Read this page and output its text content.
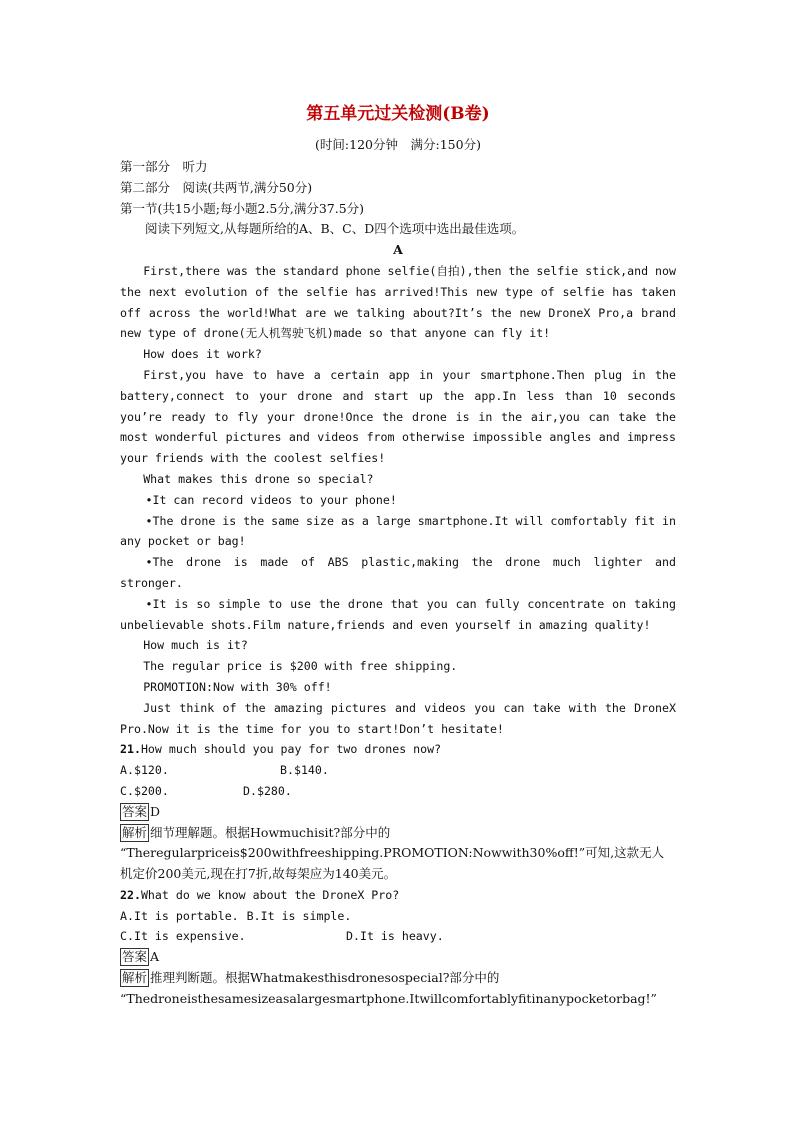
第五单元过关检测(B卷)
(时间:120分钟　满分:150分)
第一部分　听力
第二部分　阅读(共两节,满分50分)
第一节(共15小题;每小题2.5分,满分37.5分)
阅读下列短文,从每题所给的A、B、C、D四个选项中选出最佳选项。
A
First,there was the standard phone selfie(自拍),then the selfie stick,and now the next evolution of the selfie has arrived!This new type of selfie has taken off across the world!What are we talking about?It’s the new DroneX Pro,a brand new type of drone(无人机驾驶飞机)made so that anyone can fly it!
How does it work?
First,you have to have a certain app in your smartphone.Then plug in the battery,connect to your drone and start up the app.In less than 10 seconds you’re ready to fly your drone!Once the drone is in the air,you can take the most wonderful pictures and videos from otherwise impossible angles and impress your friends with the coolest selfies!
What makes this drone so special?
•It can record videos to your phone!
•The drone is the same size as a large smartphone.It will comfortably fit in any pocket or bag!
•The drone is made of ABS plastic,making the drone much lighter and stronger.
•It is so simple to use the drone that you can fully concentrate on taking unbelievable shots.Film nature,friends and even yourself in amazing quality!
How much is it?
The regular price is $200 with free shipping.
PROMOTION:Now with 30% off!
Just think of the amazing pictures and videos you can take with the DroneX Pro.Now it is the time for you to start!Don’t hesitate!
21.How much should you pay for two drones now?
A.$120.	B.$140.
C.$200.	D.$280.
答案 D
解析 细节理解题。根据Howmuchisit?部分中的
“Theregularpriceis$200withfreeshipping.PROMOTION:Nowwith30%off!”可知,这款无人机定价200美元,现在打7折,故每架应为140美元。
22.What do we know about the DroneX Pro?
A.It is portable. B.It is simple.
C.It is expensive.	D.It is heavy.
答案 A
解析 推理判断题。根据Whatmakesthisdronesospecial?部分中的
“Thedroneisthesamesizeasalargesmartphone.Itwillcomfortablyfitinanypocketorbag!”
